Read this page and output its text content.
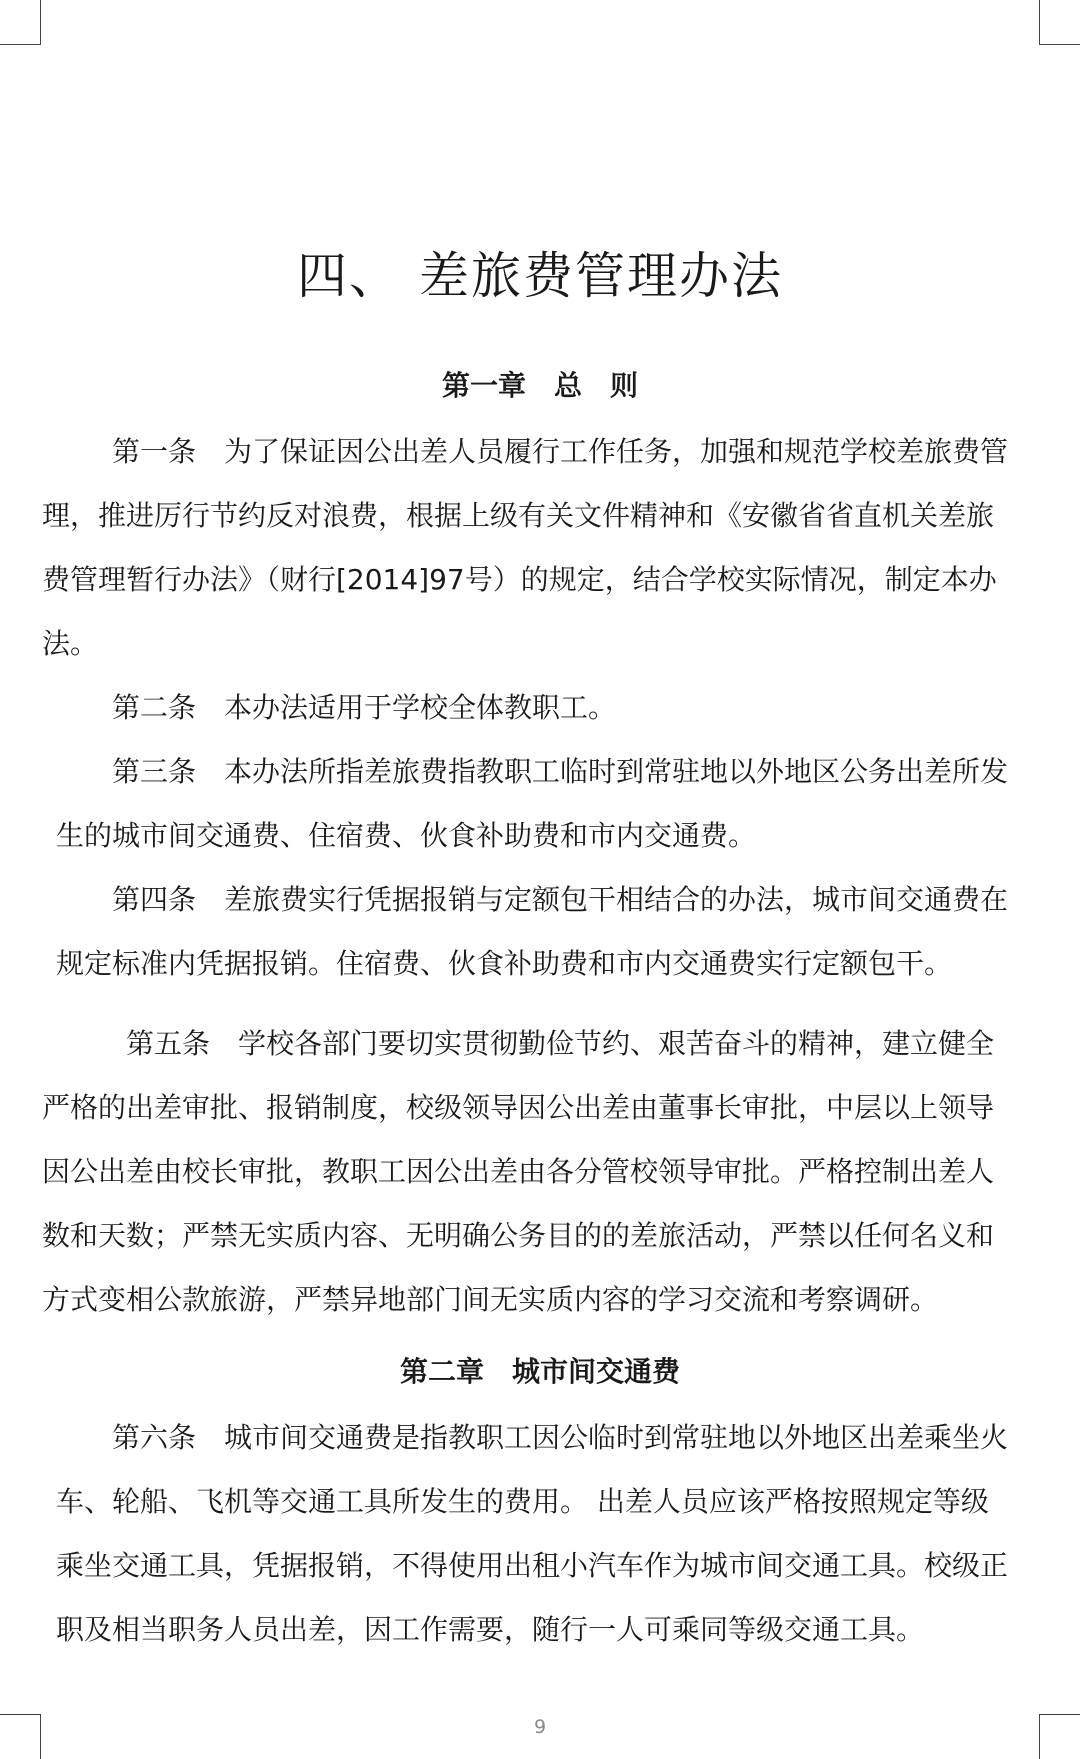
四、 差旅费管理办法
第一章　总　则
第一条　为了保证因公出差人员履行工作任务，加强和规范学校差旅费管
理，推进厉行节约反对浪费，根据上级有关文件精神和《安徽省省直机关差旅
费管理暂行办法》（财行[2014]97号）的规定，结合学校实际情况，制定本办
法。
第二条　本办法适用于学校全体教职工。
第三条　本办法所指差旅费指教职工临时到常驻地以外地区公务出差所发
生的城市间交通费、住宿费、伙食补助费和市内交通费。
第四条　差旅费实行凭据报销与定额包干相结合的办法，城市间交通费在
规定标准内凭据报销。住宿费、伙食补助费和市内交通费实行定额包干。
第五条　学校各部门要切实贯彻勤俭节约、艰苦奋斗的精神，建立健全
严格的出差审批、报销制度，校级领导因公出差由董事长审批，中层以上领导
因公出差由校长审批，教职工因公出差由各分管校领导审批。严格控制出差人
数和天数；严禁无实质内容、无明确公务目的的差旅活动，严禁以任何名义和
方式变相公款旅游，严禁异地部门间无实质内容的学习交流和考察调研。
第二章　城市间交通费
第六条　城市间交通费是指教职工因公临时到常驻地以外地区出差乘坐火
车、轮船、飞机等交通工具所发生的费用。 出差人员应该严格按照规定等级
乘坐交通工具，凭据报销，不得使用出租小汽车作为城市间交通工具。校级正
职及相当职务人员出差，因工作需要，随行一人可乘同等级交通工具。
9
